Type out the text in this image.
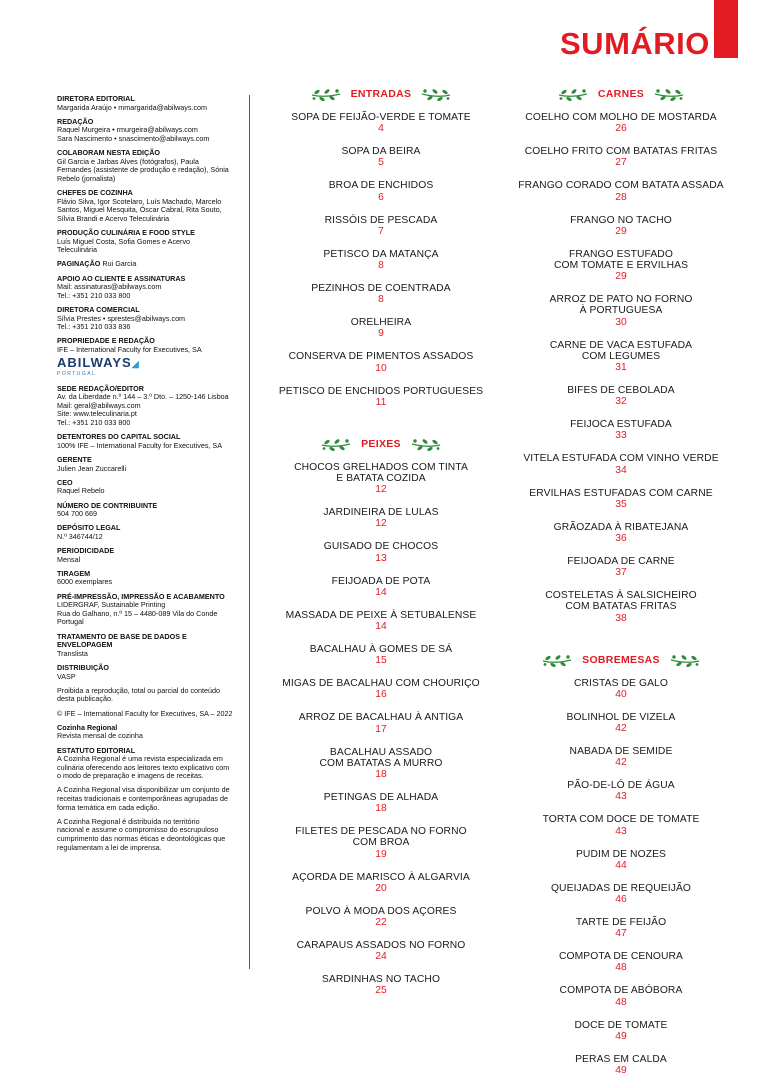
SUMÁRIO
DIRETORA EDITORIAL
Margarida Araújo • mmargarida@abilways.com
REDAÇÃO
Raquel Murgeira • rmurgeira@abilways.com
Sara Nascimento • snascimento@abilways.com
COLABORAM NESTA EDIÇÃO
Gil Garcia e Jarbas Alves (fotógrafos), Paula
Fernandes (assistente de produção e redação), Sónia
Rebelo (jornalista)
CHEFES DE COZINHA
Flávio Silva, Igor Scotelaro, Luís Machado, Marcelo
Santos, Miguel Mesquita, Óscar Cabral, Rita Souto,
Sílvia Brandi e Acervo Teleculinária
PRODUÇÃO CULINÁRIA E FOOD STYLE
Luís Miguel Costa, Sofia Gomes e Acervo
Teleculinária
PAGINAÇÃO Rui Garcia
APOIO AO CLIENTE E ASSINATURAS
Mail: assinaturas@abilways.com
Tel.: +351 210 033 800
DIRETORA COMERCIAL
Sílvia Prestes • sprestes@abilways.com
Tel.: +351 210 033 836
PROPRIEDADE E REDAÇÃO
IFE – International Faculty for Executives, SA
ABILWAYS◢
PORTUGAL
SEDE REDAÇÃO/EDITOR
Av. da Liberdade n.º 144 – 3.º Dto. – 1250-146 Lisboa
Mail: geral@abilways.com
Site: www.teleculinaria.pt
Tel.: +351 210 033 800
DETENTORES DO CAPITAL SOCIAL
100% IFE – International Faculty for Executives, SA
GERENTE
Julien Jean Zuccarelli
CEO
Raquel Rebelo
NÚMERO DE CONTRIBUINTE
504 700 669
DEPÓSITO LEGAL
N.º 346744/12
PERIODICIDADE
Mensal
TIRAGEM
6000 exemplares
PRÉ-IMPRESSÃO, IMPRESSÃO E ACABAMENTO
LIDERGRAF, Sustainable Printing
Rua do Galhano, n.º 15 – 4480-089 Vila do Conde
Portugal
TRATAMENTO DE BASE DE DADOS E ENVELOPAGEM
Translista
DISTRIBUIÇÃO
VASP
Proibida a reprodução, total ou parcial do conteúdo
desta publicação.
© IFE – International Faculty for Executives, SA – 2022
Cozinha Regional
Revista mensal de cozinha
ESTATUTO EDITORIAL
A Cozinha Regional é uma revista especializada em
culinária oferecendo aos leitores texto explicativo com
o modo de preparação e imagens de receitas.
A Cozinha Regional visa disponibilizar um conjunto de
receitas tradicionais e contemporâneas agrupadas de
forma temática em cada edição.
A Cozinha Regional é distribuída no território
nacional e assume o compromisso do escrupuloso
cumprimento das normas éticas e deontológicas que
regulamentam a lei de imprensa.
ENTRADAS
SOPA DE FEIJÃO-VERDE E TOMATE
4
SOPA DA BEIRA
5
BROA DE ENCHIDOS
6
RISSÓIS DE PESCADA
7
PETISCO DA MATANÇA
8
PEZINHOS DE COENTRADA
8
ORELHEIRA
9
CONSERVA DE PIMENTOS ASSADOS
10
PETISCO DE ENCHIDOS PORTUGUESES
11
PEIXES
CHOCOS GRELHADOS COM TINTA
E BATATA COZIDA
12
JARDINEIRA DE LULAS
12
GUISADO DE CHOCOS
13
FEIJOADA DE POTA
14
MASSADA DE PEIXE À SETUBALENSE
14
BACALHAU À GOMES DE SÁ
15
MIGAS DE BACALHAU COM CHOURIÇO
16
ARROZ DE BACALHAU À ANTIGA
17
BACALHAU ASSADO
COM BATATAS A MURRO
18
PETINGAS DE ALHADA
18
FILETES DE PESCADA NO FORNO
COM BROA
19
AÇORDA DE MARISCO À ALGARVIA
20
POLVO À MODA DOS AÇORES
22
CARAPAUS ASSADOS NO FORNO
24
SARDINHAS NO TACHO
25
CARNES
COELHO COM MOLHO DE MOSTARDA
26
COELHO FRITO COM BATATAS FRITAS
27
FRANGO CORADO COM BATATA ASSADA
28
FRANGO NO TACHO
29
FRANGO ESTUFADO
COM TOMATE E ERVILHAS
29
ARROZ DE PATO NO FORNO
À PORTUGUESA
30
CARNE DE VACA ESTUFADA
COM LEGUMES
31
BIFES DE CEBOLADA
32
FEIJOCA ESTUFADA
33
VITELA ESTUFADA COM VINHO VERDE
34
ERVILHAS ESTUFADAS COM CARNE
35
GRÃOZADA À RIBATEJANA
36
FEIJOADA DE CARNE
37
COSTELETAS À SALSICHEIRO
COM BATATAS FRITAS
38
SOBREMESAS
CRISTAS DE GALO
40
BOLINHOL DE VIZELA
42
NABADA DE SEMIDE
42
PÃO-DE-LÓ DE ÁGUA
43
TORTA COM DOCE DE TOMATE
43
PUDIM DE NOZES
44
QUEIJADAS DE REQUEIJÃO
46
TARTE DE FEIJÃO
47
COMPOTA DE CENOURA
48
COMPOTA DE ABÓBORA
48
DOCE DE TOMATE
49
PERAS EM CALDA
49
